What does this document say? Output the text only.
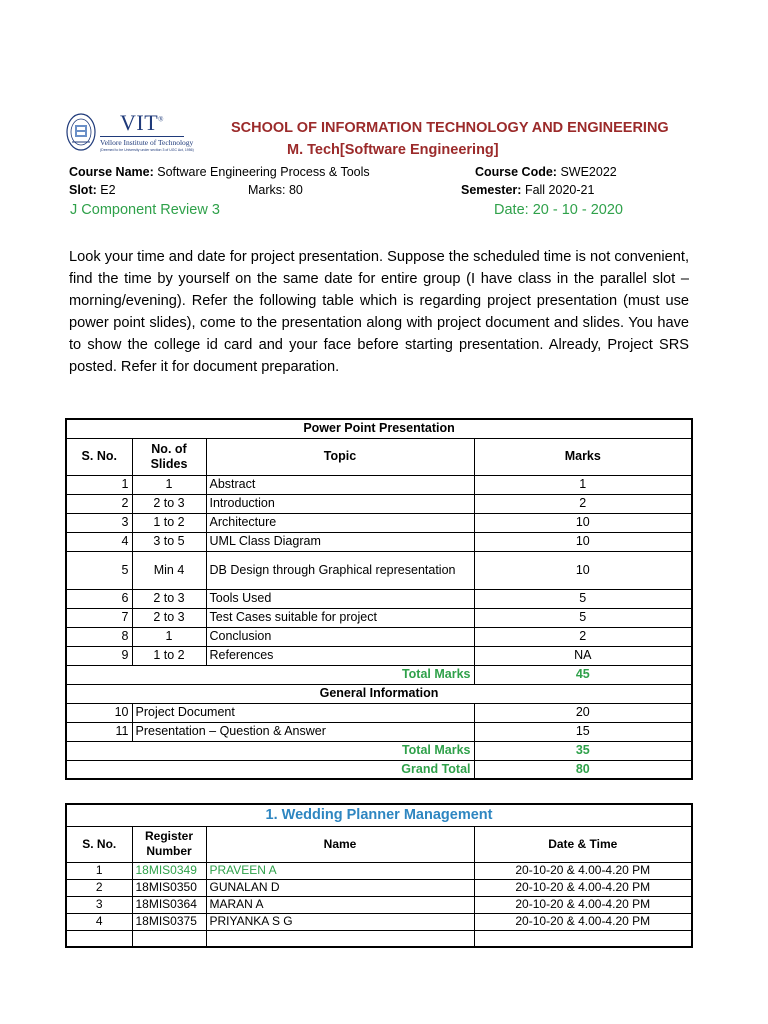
VIT®
Vellore Institute of Technology
(Deemed to be University under section 3 of UGC Act, 1956)
SCHOOL OF INFORMATION TECHNOLOGY AND ENGINEERING
M. Tech[Software Engineering]
Course Name: Software Engineering Process & Tools	Course Code: SWE2022
Slot: E2	Marks: 80	Semester: Fall 2020-21
J Component Review 3	Date: 20 - 10 - 2020
Look your time and date for project presentation. Suppose the scheduled time is not convenient, find the time by yourself on the same date for entire group (I have class in the parallel slot – morning/evening). Refer the following table which is regarding project presentation (must use power point slides), come to the presentation along with project document and slides. You have to show the college id card and your face before starting presentation. Already, Project SRS posted. Refer it for document preparation.
Power Point Presentation			
S. No.	No. of Slides	Topic	Marks
1	1	Abstract	1
2	2 to 3	Introduction	2
3	1 to 2	Architecture	10
4	3 to 5	UML Class Diagram	10
5	Min 4	DB Design through Graphical representation	10
6	2 to 3	Tools Used	5
7	2 to 3	Test Cases suitable for project	5
8	1	Conclusion	2
9	1 to 2	References	NA
Total Marks			45
General Information			
10	Project Document		20
11	Presentation – Question & Answer		15
Total Marks			35
Grand Total			80
1. Wedding Planner Management			
S. No.	Register Number	Name	Date & Time
1	18MIS0349	PRAVEEN A	20-10-20 & 4.00-4.20 PM
2	18MIS0350	GUNALAN D	20-10-20 & 4.00-4.20 PM
3	18MIS0364	MARAN A	20-10-20 & 4.00-4.20 PM
4	18MIS0375	PRIYANKA S G	20-10-20 & 4.00-4.20 PM
